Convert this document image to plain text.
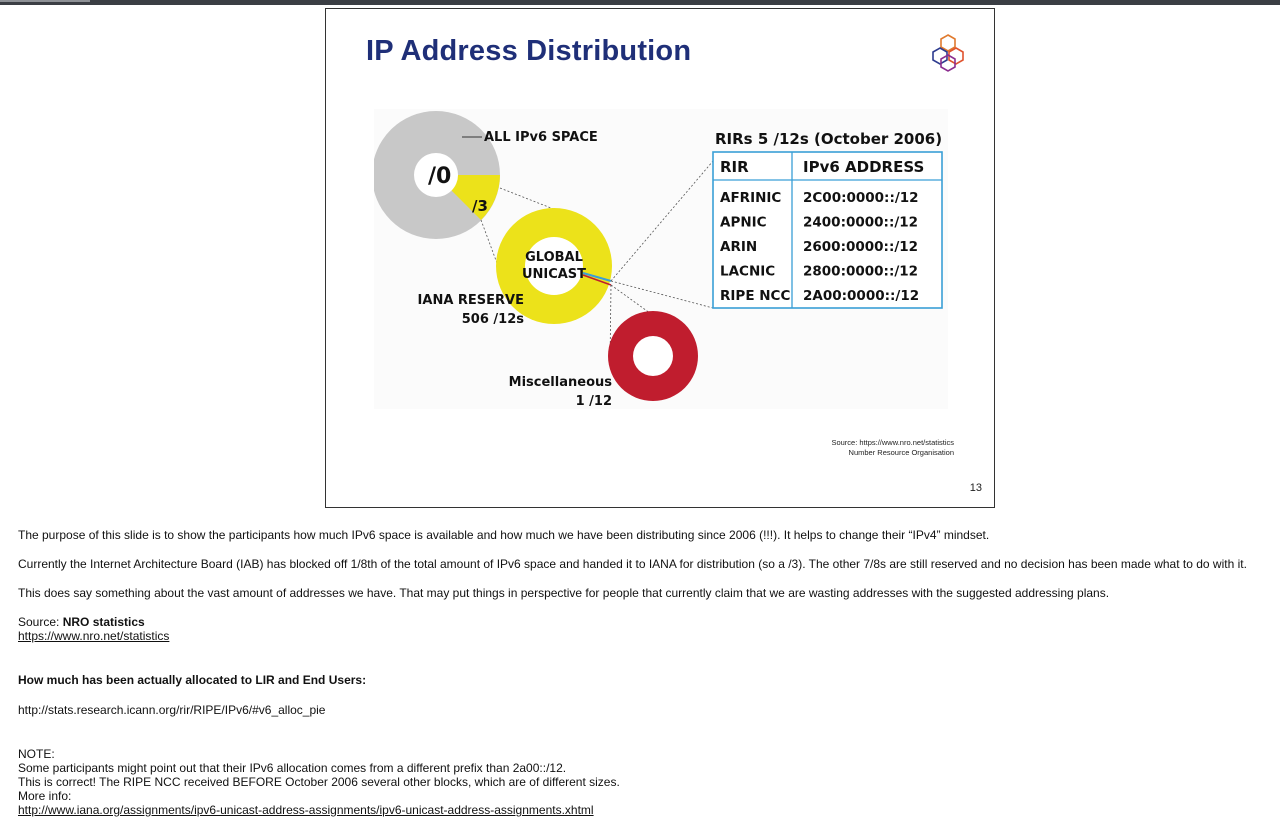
IP Address Distribution
ALL IPv6 SPACE
/0
/3
GLOBAL
UNICAST
IANA RESERVE
506 /12s
Miscellaneous
1 /12
RIRs 5 /12s (October 2006)
RIR	IPv6 ADDRESS
AFRINIC 2C00:0000::/12
APNIC	2400:0000::/12
ARIN	2600:0000::/12
LACNIC 2800:0000::/12
RIPE NCC 2A00:0000::/12
Source: https://www.nro.net/statistics
Number Resource Organisation
13

The purpose of this slide is to show the participants how much IPv6 space is available and how much we have been distributing since 2006 (!!!). It helps to change their “IPv4” mindset.

Currently the Internet Architecture Board (IAB) has blocked off 1/8th of the total amount of IPv6 space and handed it to IANA for distribution (so a /3). The other 7/8s are still reserved and no decision has been made what to do with it.

This does say something about the vast amount of addresses we have. That may put things in perspective for people that currently claim that we are wasting addresses with the suggested addressing plans.

Source: NRO statistics

https://www.nro.net/statistics

How much has been actually allocated to LIR and End Users:

http://stats.research.icann.org/rir/RIPE/IPv6/#v6_alloc_pie

NOTE:

Some participants might point out that their IPv6 allocation comes from a different prefix than 2a00::/12.

This is correct! The RIPE NCC received BEFORE October 2006 several other blocks, which are of different sizes.

More info:

http://www.iana.org/assignments/ipv6-unicast-address-assignments/ipv6-unicast-address-assignments.xhtml
